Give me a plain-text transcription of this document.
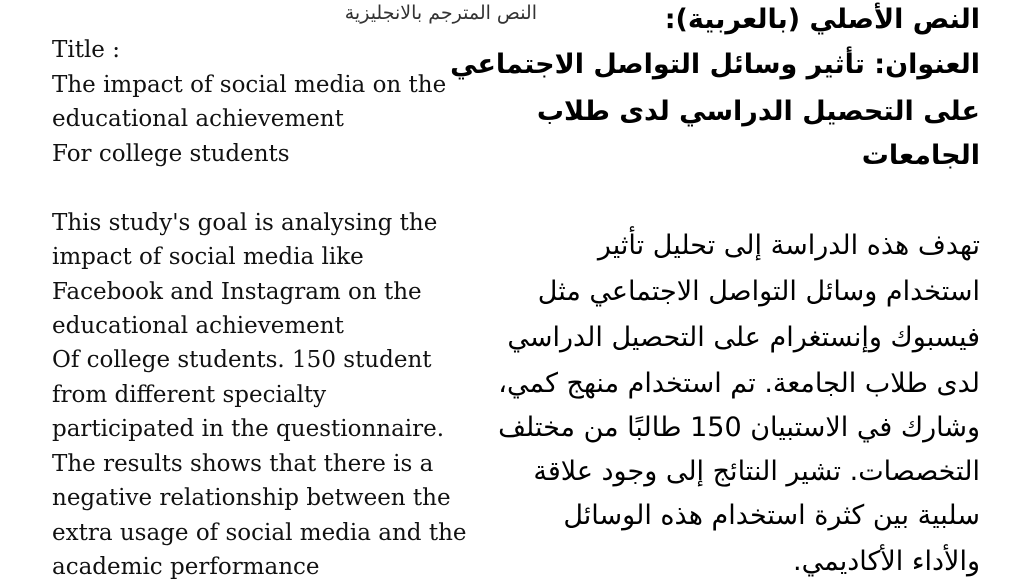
النص المترجم بالانجليزية
Title :
The impact of social media on the
educational achievement
For college students
This study's goal is analysing the
impact of social media like
Facebook and Instagram on the
educational achievement
Of college students. 150 student
from different specialty
participated in the questionnaire.
The results shows that there is a
negative relationship between the
extra usage of social media and the
academic performance
النص الأصلي (بالعربية):
العنوان: تأثير وسائل التواصل الاجتماعي
على التحصيل الدراسي لدى طلاب
الجامعات
تهدف هذه الدراسة إلى تحليل تأثير
استخدام وسائل التواصل الاجتماعي مثل
فيسبوك وإنستغرام على التحصيل الدراسي
لدى طلاب الجامعة. تم استخدام منهج كمي،
وشارك في الاستبيان 150 طالبًا من مختلف
التخصصات. تشير النتائج إلى وجود علاقة
سلبية بين كثرة استخدام هذه الوسائل
والأداء الأكاديمي.
